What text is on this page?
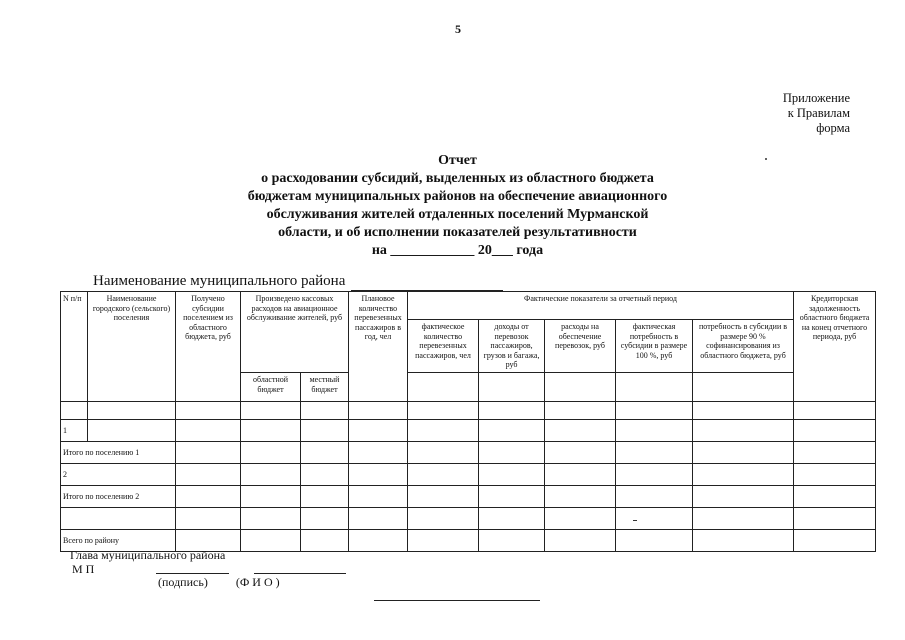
5
Приложение
к Правилам
форма
Отчет
о расходовании субсидий, выделенных из областного бюджета
бюджетам муниципальных районов на обеспечение авиационного
обслуживания жителей отдаленных поселений Мурманской
области, и об исполнении показателей результативности
на ____________ 20___ года
Наименование муниципального района
N п/п	Наименование городского (сельского) поселения	Получено субсидии поселением из областного бюджета, руб	Произведено кассовых расходов на авиационное обслуживание жителей, руб		Плановое количество перевезенных пассажиров в год, чел	Фактические показатели за отчетный период					Кредиторская задолженность областного бюджета на конец отчетного периода, руб
						фактическое количество перевезенных пассажиров, чел	доходы от перевозок пассажиров, грузов и багажа, руб	расходы на обеспечение перевозок, руб	фактическая потребность в субсидии в размере 100 %, руб	потребность в субсидии в размере 90 % софинансирования из областного бюджета, руб	
			областной бюджет	местный бюджет							

1											
Итого по поселению 1											
2											
Итого по поселению 2											

Всего по району											
Глава муниципального района
М П
(подпись) (Ф И О )
